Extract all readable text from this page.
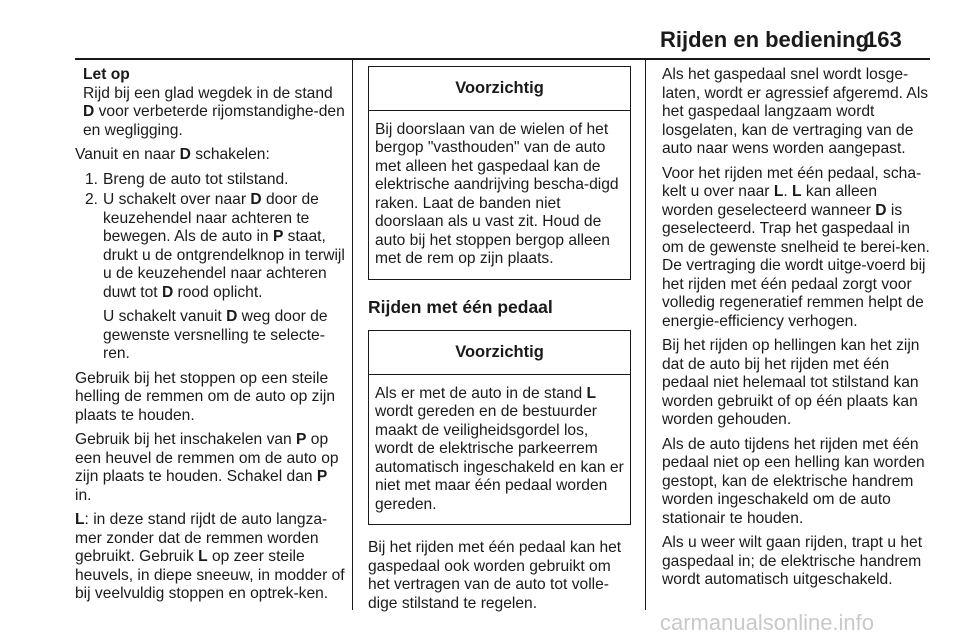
Rijden en bediening
163

Let op

Rijd bij een glad wegdek in de stand D voor verbeterde rijomstandighe-den en wegligging.

Vanuit en naar D schakelen:

1. Breng de auto tot stilstand.
2. U schakelt over naar D door de keuzehendel naar achteren te bewegen. Als de auto in P staat, drukt u de ontgrendelknop in terwijl u de keuzehendel naar achteren duwt tot D rood oplicht.

U schakelt vanuit D weg door de gewenste versnelling te selecte-ren.

Gebruik bij het stoppen op een steile helling de remmen om de auto op zijn plaats te houden.

Gebruik bij het inschakelen van P op een heuvel de remmen om de auto op zijn plaats te houden. Schakel dan P in.

L: in deze stand rijdt de auto langza-mer zonder dat de remmen worden gebruikt. Gebruik L op zeer steile heuvels, in diepe sneeuw, in modder of bij veelvuldig stoppen en optrek-ken.

Voorzichtig
Bij doorslaan van de wielen of het bergop "vasthouden" van de auto met alleen het gaspedaal kan de elektrische aandrijving bescha-digd raken. Laat de banden niet doorslaan als u vast zit. Houd de auto bij het stoppen bergop alleen met de rem op zijn plaats.
Rijden met één pedaal
Voorzichtig
Als er met de auto in de stand L wordt gereden en de bestuurder maakt de veiligheidsgordel los, wordt de elektrische parkeerrem automatisch ingeschakeld en kan er niet met maar één pedaal worden gereden.

Bij het rijden met één pedaal kan het gaspedaal ook worden gebruikt om het vertragen van de auto tot volle-dige stilstand te regelen.

Als het gaspedaal snel wordt losge-laten, wordt er agressief afgeremd. Als het gaspedaal langzaam wordt losgelaten, kan de vertraging van de auto naar wens worden aangepast.

Voor het rijden met één pedaal, scha-kelt u over naar L. L kan alleen worden geselecteerd wanneer D is geselecteerd. Trap het gaspedaal in om de gewenste snelheid te berei-ken. De vertraging die wordt uitge-voerd bij het rijden met één pedaal zorgt voor volledig regeneratief remmen helpt de energie-efficiency verhogen.

Bij het rijden op hellingen kan het zijn dat de auto bij het rijden met één pedaal niet helemaal tot stilstand kan worden gebruikt of op één plaats kan worden gehouden.

Als de auto tijdens het rijden met één pedaal niet op een helling kan worden gestopt, kan de elektrische handrem worden ingeschakeld om de auto stationair te houden.

Als u weer wilt gaan rijden, trapt u het gaspedaal in; de elektrische handrem wordt automatisch uitgeschakeld.

carmanualsonline.info
